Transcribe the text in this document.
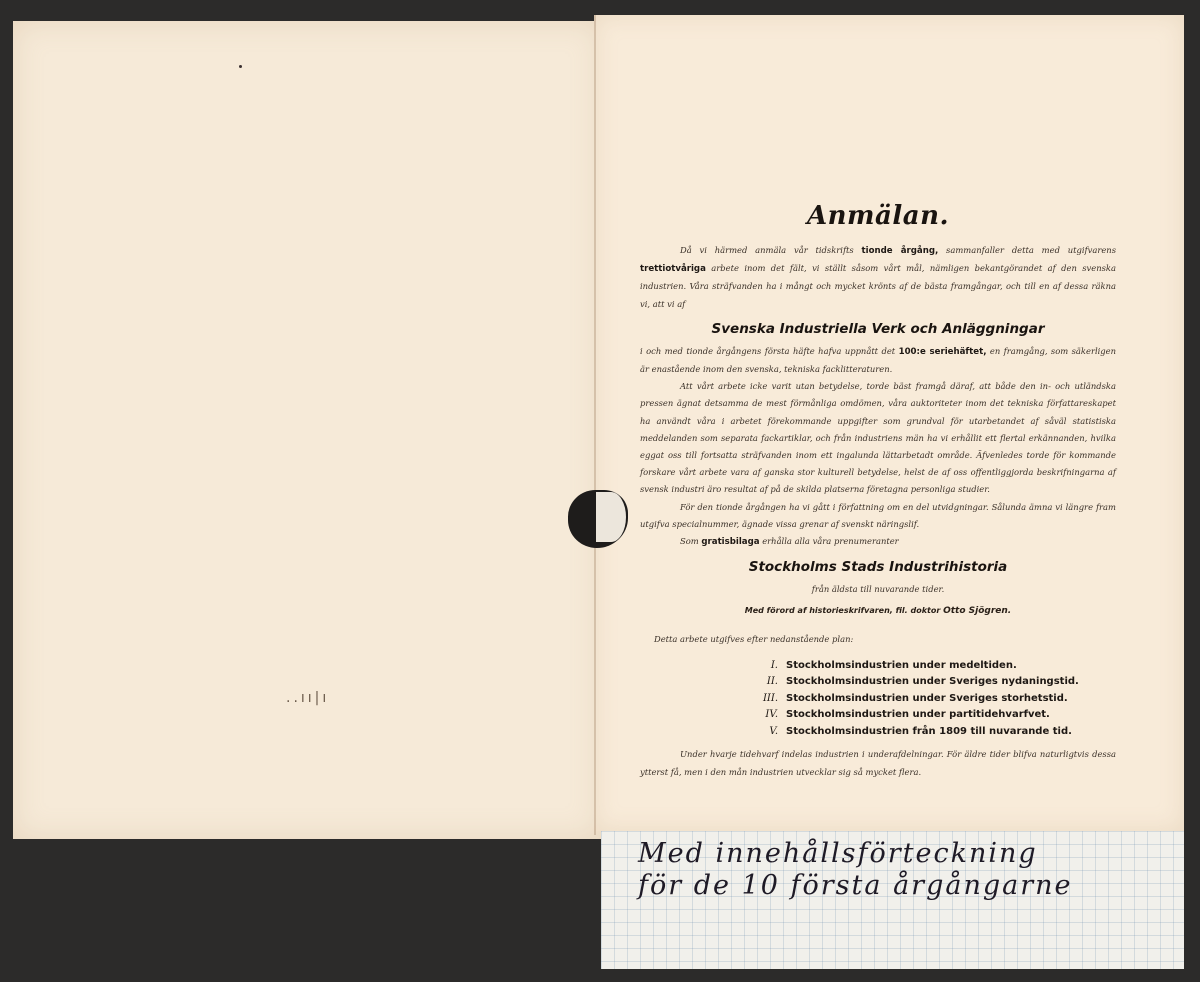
..ıı|ı
Anmälan.

Då vi härmed anmäla vår tidskrifts tionde årgång, sammanfaller detta med utgifvarens trettiotvåriga arbete inom det fält, vi ställt såsom vårt mål, nämligen bekantgörandet af den svenska industrien. Våra sträfvanden ha i mångt och mycket krönts af de bästa framgångar, och till en af dessa räkna vi, att vi af

Svenska Industriella Verk och Anläggningar

i och med tionde årgångens första häfte hafva uppnått det 100:e seriehäftet, en framgång, som säkerligen är enastående inom den svenska, tekniska facklitteraturen.

Att vårt arbete icke varit utan betydelse, torde bäst framgå däraf, att både den in- och utländska pressen ägnat detsamma de mest förmånliga omdömen, våra auktoriteter inom det tekniska författareskapet ha användt våra i arbetet förekommande uppgifter som grundval för utarbetandet af såväl statistiska meddelanden som separata fackartiklar, och från industriens män ha vi erhållit ett flertal erkännanden, hvilka eggat oss till fortsatta sträfvanden inom ett ingalunda lättarbetadt område. Äfvenledes torde för kommande forskare vårt arbete vara af ganska stor kulturell betydelse, helst de af oss offentliggjorda beskrifningarna af svensk industri äro resultat af på de skilda platserna företagna personliga studier.

För den tionde årgången ha vi gått i författning om en del utvidgningar. Sålunda ämna vi längre fram utgifva specialnummer, ägnade vissa grenar af svenskt näringslif.

Som gratisbilaga erhålla alla våra prenumeranter

Stockholms Stads Industrihistoria
från äldsta till nuvarande tider.
Med förord af historieskrifvaren, fil. doktor Otto Sjögren.

Detta arbete utgifves efter nedanstående plan:

I. Stockholmsindustrien under medeltiden.
II. Stockholmsindustrien under Sveriges nydaningstid.
III. Stockholmsindustrien under Sveriges storhetstid.
IV. Stockholmsindustrien under partitidehvarfvet.
V. Stockholmsindustrien från 1809 till nuvarande tid.

Under hvarje tidehvarf indelas industrien i underafdelningar. För äldre tider blifva naturligtvis dessa ytterst få, men i den mån industrien utvecklar sig så mycket flera.

Med innehållsförteckning
för de 10 första årgångarne
